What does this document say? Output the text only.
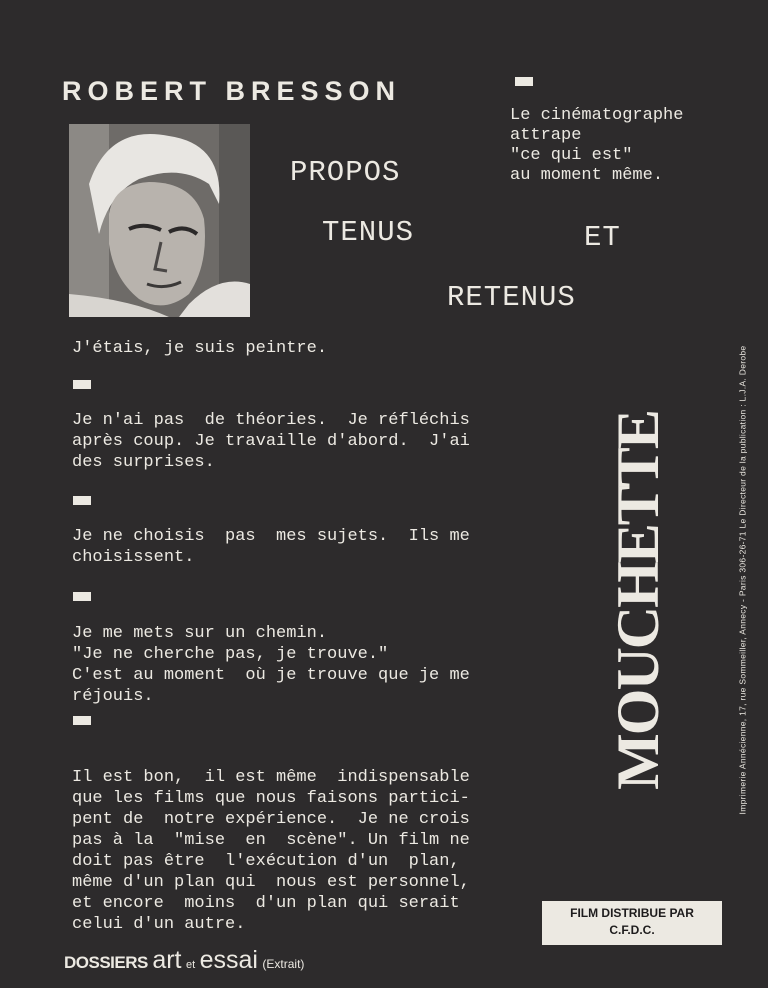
ROBERT BRESSON
PROPOS
TENUS	ET
RETENUS
Le cinématographe
attrape
"ce qui est"
au moment même.
J'étais, je suis peintre.
Je n'ai pas  de théories.  Je réfléchis
après coup. Je travaille d'abord.  J'ai
des surprises.
Je ne choisis  pas  mes sujets.  Ils me
choisissent.
Je me mets sur un chemin.
"Je ne cherche pas, je trouve."
C'est au moment  où je trouve que je me
réjouis.
Il est bon,  il est même  indispensable
que les films que nous faisons partici-
pent de  notre expérience.  Je ne crois
pas à la  "mise  en  scène". Un film ne
doit pas être  l'exécution d'un  plan,
même d'un plan qui  nous est personnel,
et encore  moins  d'un plan qui serait
celui d'un autre.
MOUCHETTE	Imprimerie Annécienne, 17, rue Sommeiller, Annecy - Paris 306-26-71 Le Directeur de la publication : L.J.A. Derobe
FILM DISTRIBUE PAR
C.F.D.C.
DOSSIERS art et essai (Extrait)
